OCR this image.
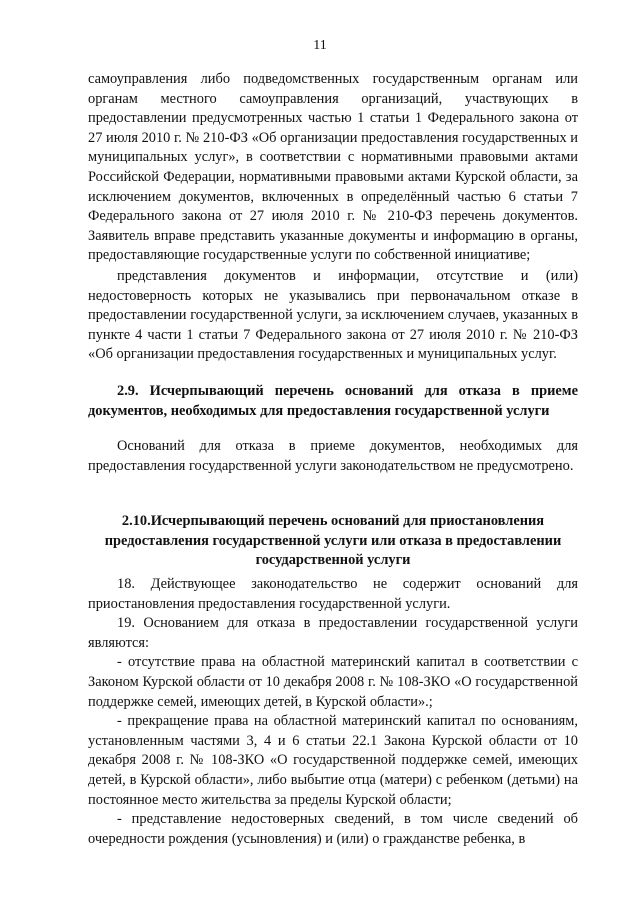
11

самоуправления либо подведомственных государственным органам или органам местного самоуправления организаций, участвующих в предоставлении предусмотренных частью 1 статьи 1 Федерального закона от 27 июля 2010 г. № 210-ФЗ «Об организации предоставления государственных и муниципальных услуг», в соответствии с нормативными правовыми актами Российской Федерации, нормативными правовыми актами Курской области, за исключением документов, включенных в определённый частью 6 статьи 7 Федерального закона от 27 июля 2010 г. № 210-ФЗ перечень документов. Заявитель вправе представить указанные документы и информацию в органы, предоставляющие государственные услуги по собственной инициативе;

представления документов и информации, отсутствие и (или) недостоверность которых не указывались при первоначальном отказе в предоставлении государственной услуги, за исключением случаев, указанных в пункте 4 части 1 статьи 7 Федерального закона от 27 июля 2010 г. № 210-ФЗ «Об организации предоставления государственных и муниципальных услуг.

2.9. Исчерпывающий перечень оснований для отказа в приеме документов, необходимых для предоставления государственной услуги

Оснований для отказа в приеме документов, необходимых для предоставления государственной услуги законодательством не предусмотрено.

2.10.Исчерпывающий перечень оснований для приостановления предоставления государственной услуги или отказа в предоставлении государственной услуги

18. Действующее законодательство не содержит оснований для приостановления предоставления государственной услуги.

19. Основанием для отказа в предоставлении государственной услуги являются:

- отсутствие права на областной материнский капитал в соответствии с Законом Курской области от 10 декабря 2008 г. № 108-ЗКО «О государственной поддержке семей, имеющих детей, в Курской области».;

- прекращение права на областной материнский капитал по основаниям, установленным частями 3, 4 и 6 статьи 22.1 Закона Курской области от 10 декабря 2008 г. № 108-ЗКО «О государственной поддержке семей, имеющих детей, в Курской области», либо выбытие отца (матери) с ребенком (детьми) на постоянное место жительства за пределы Курской области;

- представление недостоверных сведений, в том числе сведений об очередности рождения (усыновления) и (или) о гражданстве ребенка, в
